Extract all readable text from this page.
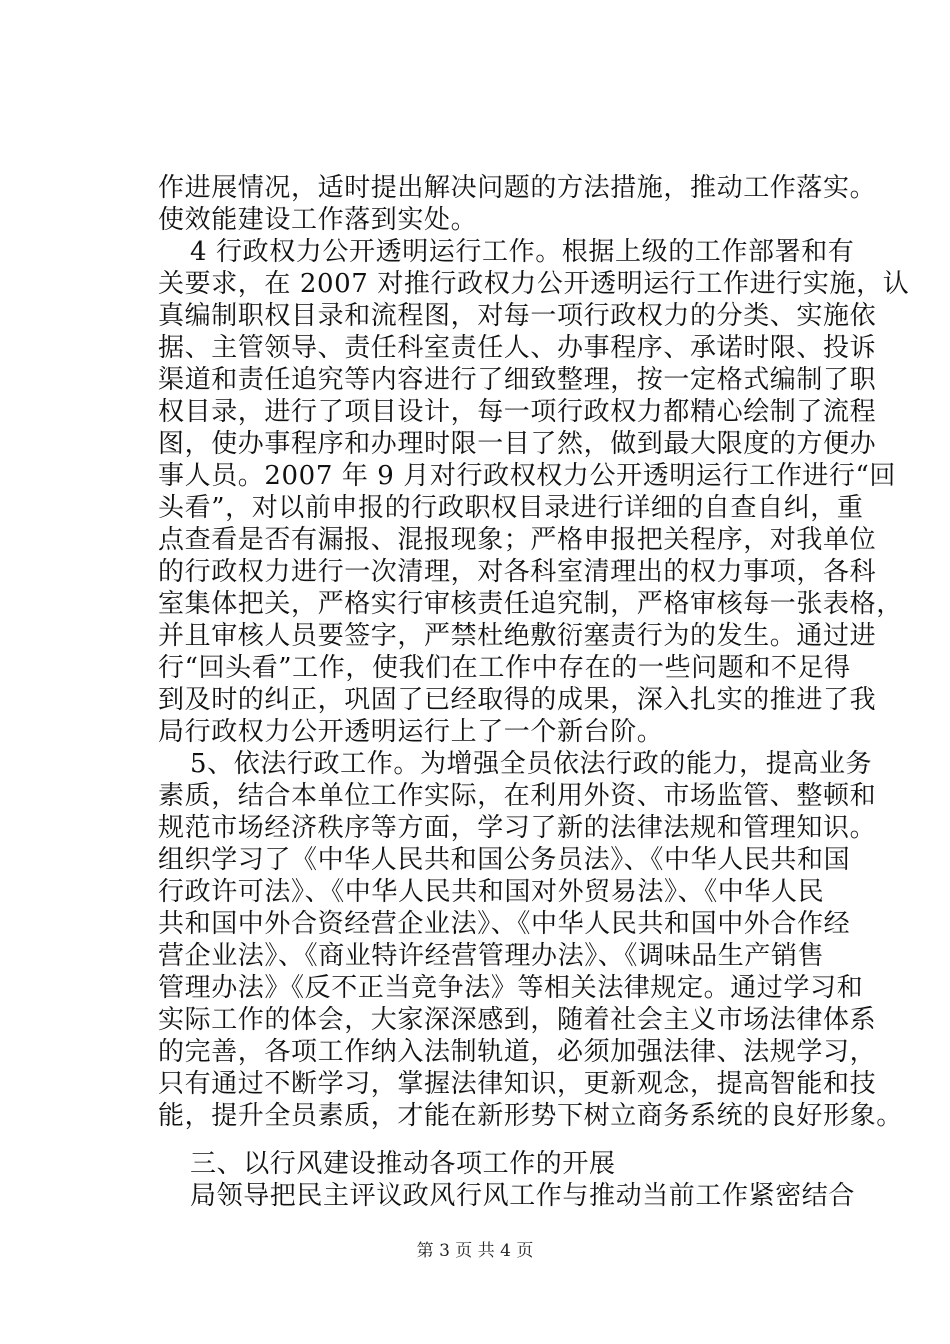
作进展情况，适时提出解决问题的方法措施，推动工作落实。
使效能建设工作落到实处。
4 行政权力公开透明运行工作。根据上级的工作部署和有
关要求，在 2007 对推行政权力公开透明运行工作进行实施，认
真编制职权目录和流程图，对每一项行政权力的分类、实施依
据、主管领导、责任科室责任人、办事程序、承诺时限、投诉
渠道和责任追究等内容进行了细致整理，按一定格式编制了职
权目录，进行了项目设计，每一项行政权力都精心绘制了流程
图，使办事程序和办理时限一目了然，做到最大限度的方便办
事人员。2007 年 9 月对行政权权力公开透明运行工作进行“回
头看”，对以前申报的行政职权目录进行详细的自查自纠，重
点查看是否有漏报、混报现象；严格申报把关程序，对我单位
的行政权力进行一次清理，对各科室清理出的权力事项，各科
室集体把关，严格实行审核责任追究制，严格审核每一张表格，
并且审核人员要签字，严禁杜绝敷衍塞责行为的发生。通过进
行“回头看”工作，使我们在工作中存在的一些问题和不足得
到及时的纠正，巩固了已经取得的成果，深入扎实的推进了我
局行政权力公开透明运行上了一个新台阶。
5、依法行政工作。为增强全员依法行政的能力，提高业务
素质，结合本单位工作实际，在利用外资、市场监管、整顿和
规范市场经济秩序等方面，学习了新的法律法规和管理知识。
组织学习了《中华人民共和国公务员法》、《中华人民共和国
行政许可法》、《中华人民共和国对外贸易法》、《中华人民
共和国中外合资经营企业法》、《中华人民共和国中外合作经
营企业法》、《商业特许经营管理办法》、《调味品生产销售
管理办法》《反不正当竞争法》等相关法律规定。通过学习和
实际工作的体会，大家深深感到，随着社会主义市场法律体系
的完善，各项工作纳入法制轨道，必须加强法律、法规学习，
只有通过不断学习，掌握法律知识，更新观念，提高智能和技
能，提升全员素质，才能在新形势下树立商务系统的良好形象。
三、以行风建设推动各项工作的开展
局领导把民主评议政风行风工作与推动当前工作紧密结合
第 3 页 共 4 页
